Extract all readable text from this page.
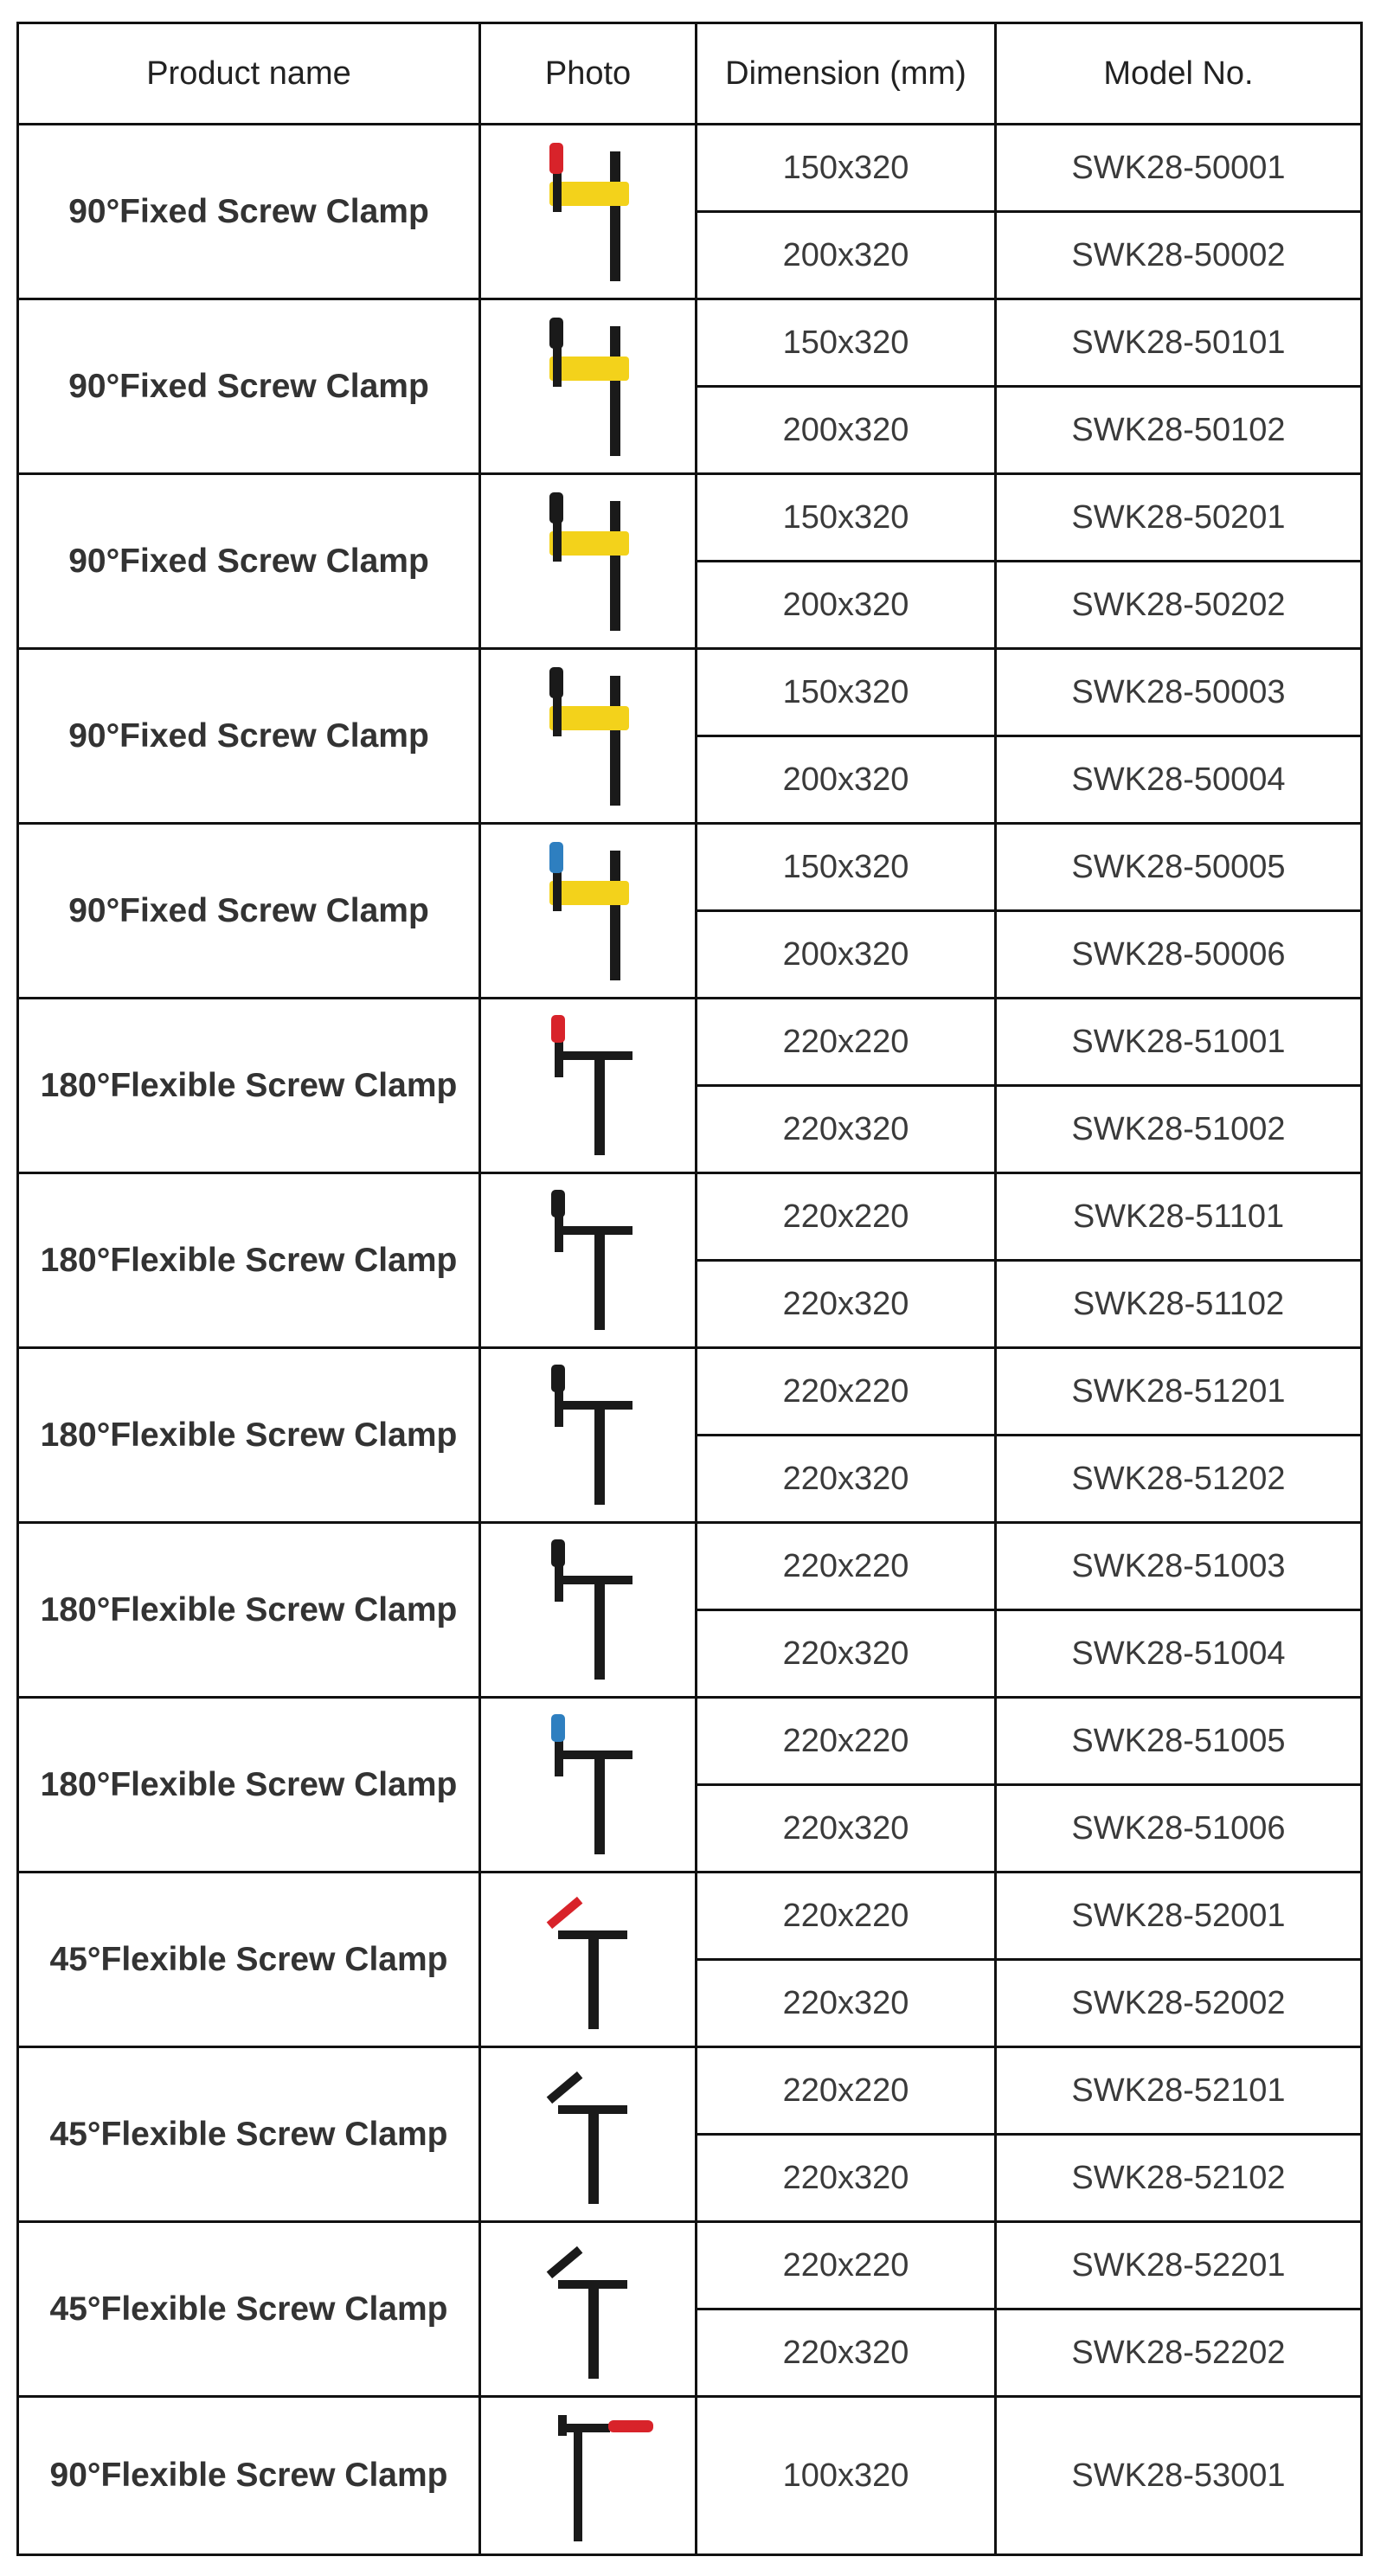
Product name	Photo	Dimension (mm)	Model No.
90°Fixed Screw Clamp		150x320	SWK28-50001
		200x320	SWK28-50002
90°Fixed Screw Clamp		150x320	SWK28-50101
		200x320	SWK28-50102
90°Fixed Screw Clamp		150x320	SWK28-50201
		200x320	SWK28-50202
90°Fixed Screw Clamp		150x320	SWK28-50003
		200x320	SWK28-50004
90°Fixed Screw Clamp		150x320	SWK28-50005
		200x320	SWK28-50006
180°Flexible Screw Clamp		220x220	SWK28-51001
		220x320	SWK28-51002
180°Flexible Screw Clamp		220x220	SWK28-51101
		220x320	SWK28-51102
180°Flexible Screw Clamp		220x220	SWK28-51201
		220x320	SWK28-51202
180°Flexible Screw Clamp		220x220	SWK28-51003
		220x320	SWK28-51004
180°Flexible Screw Clamp		220x220	SWK28-51005
		220x320	SWK28-51006
45°Flexible Screw Clamp		220x220	SWK28-52001
		220x320	SWK28-52002
45°Flexible Screw Clamp		220x220	SWK28-52101
		220x320	SWK28-52102
45°Flexible Screw Clamp		220x220	SWK28-52201
		220x320	SWK28-52202
90°Flexible Screw Clamp		100x320	SWK28-53001
